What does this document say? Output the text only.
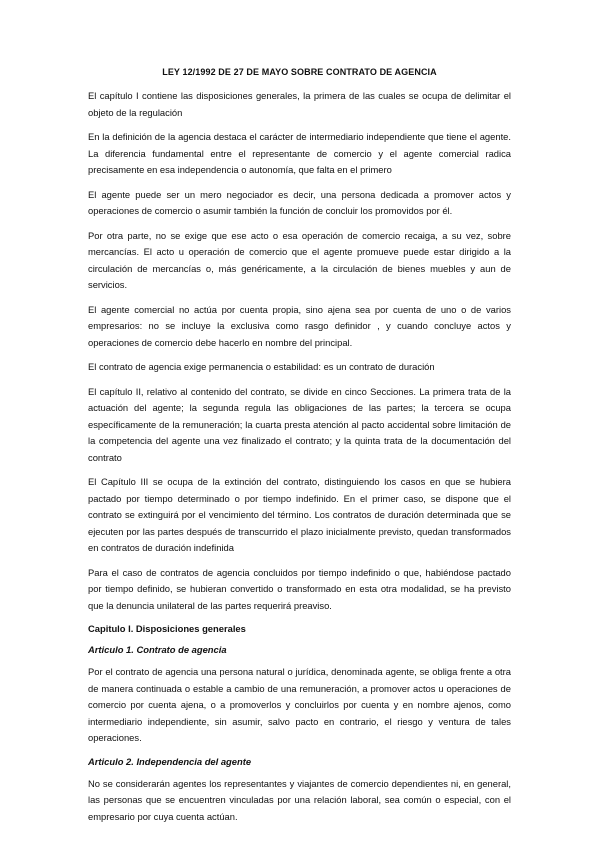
LEY 12/1992 DE 27 DE MAYO SOBRE CONTRATO DE AGENCIA

El capítulo I contiene las disposiciones generales, la primera de las cuales se ocupa de delimitar el objeto de la regulación

En la definición de la agencia destaca el carácter de intermediario independiente que tiene el agente. La diferencia fundamental entre el representante de comercio y el agente comercial radica precisamente en esa independencia o autonomía, que falta en el primero

El agente puede ser un mero negociador es decir, una persona dedicada a promover actos y operaciones de comercio o asumir también la función de concluir los promovidos por él.

Por otra parte, no se exige que ese acto o esa operación de comercio recaiga, a su vez, sobre mercancías. El acto u operación de comercio que el agente promueve puede estar dirigido a la circulación de mercancías o, más genéricamente, a la circulación de bienes muebles y aun de servicios.

El agente comercial no actúa por cuenta propia, sino ajena sea por cuenta de uno o de varios empresarios: no se incluye la exclusiva como rasgo definidor , y cuando concluye actos y operaciones de comercio debe hacerlo en nombre del principal.

El contrato de agencia exige permanencia o estabilidad: es un contrato de duración

El capítulo II, relativo al contenido del contrato, se divide en cinco Secciones. La primera trata de la actuación del agente; la segunda regula las obligaciones de las partes; la tercera se ocupa específicamente de la remuneración; la cuarta presta atención al pacto accidental sobre limitación de la competencia del agente una vez finalizado el contrato; y la quinta trata de la documentación del contrato

El Capítulo III se ocupa de la extinción del contrato, distinguiendo los casos en que se hubiera pactado por tiempo determinado o por tiempo indefinido. En el primer caso, se dispone que el contrato se extinguirá por el vencimiento del término. Los contratos de duración determinada que se ejecuten por las partes después de transcurrido el plazo inicialmente previsto, quedan transformados en contratos de duración indefinida

Para el caso de contratos de agencia concluidos por tiempo indefinido o que, habiéndose pactado por tiempo definido, se hubieran convertido o transformado en esta otra modalidad, se ha previsto que la denuncia unilateral de las partes requerirá preaviso.

Capitulo I. Disposiciones generales
Articulo 1. Contrato de agencia

Por el contrato de agencia una persona natural o jurídica, denominada agente, se obliga frente a otra de manera continuada o estable a cambio de una remuneración, a promover actos u operaciones de comercio por cuenta ajena, o a promoverlos y concluirlos por cuenta y en nombre ajenos, como intermediario independiente, sin asumir, salvo pacto en contrario, el riesgo y ventura de tales operaciones.

Articulo 2. Independencia del agente

No se considerarán agentes los representantes y viajantes de comercio dependientes ni, en general, las personas que se encuentren vinculadas por una relación laboral, sea común o especial, con el empresario por cuya cuenta actúan.
